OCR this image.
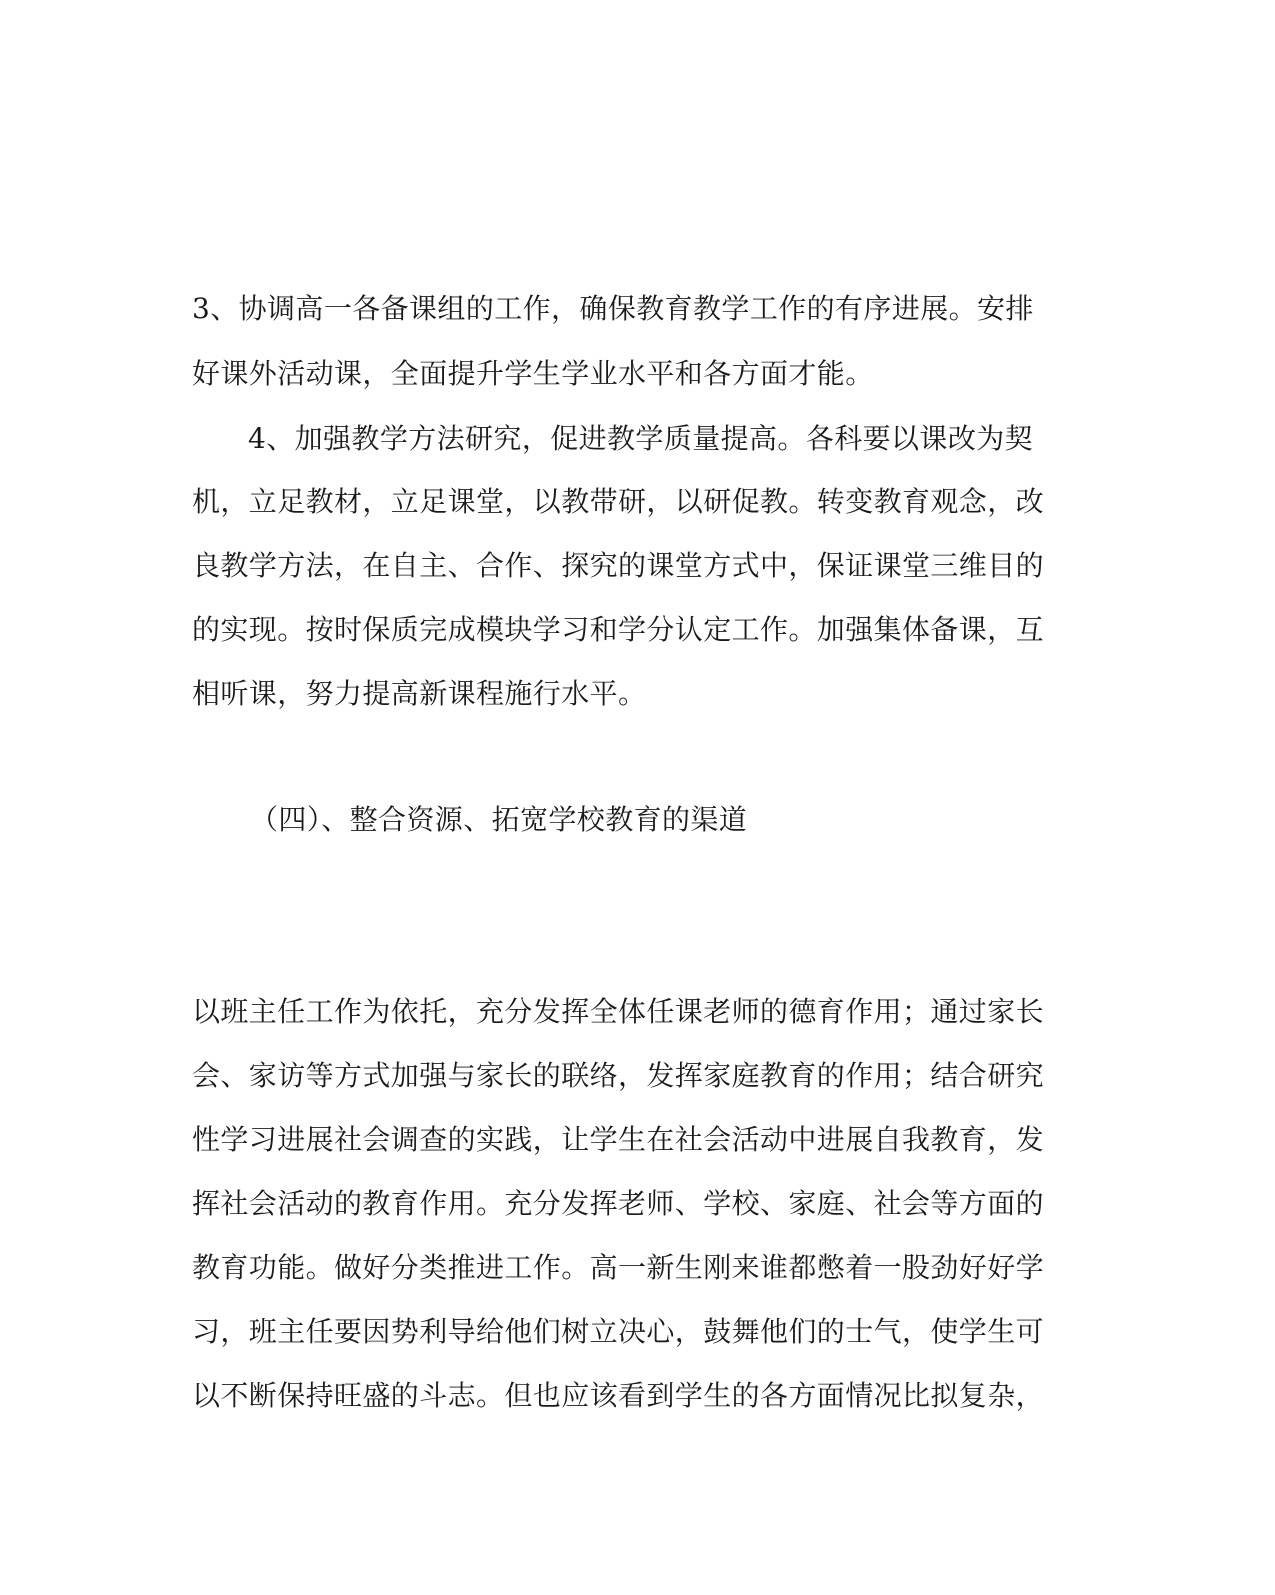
3、协调高一各备课组的工作，确保教育教学工作的有序进展。安排
好课外活动课，全面提升学生学业水平和各方面才能。
4、加强教学方法研究，促进教学质量提高。各科要以课改为契
机，立足教材，立足课堂，以教带研，以研促教。转变教育观念，改
良教学方法，在自主、合作、探究的课堂方式中，保证课堂三维目的
的实现。按时保质完成模块学习和学分认定工作。加强集体备课，互
相听课，努力提高新课程施行水平。
（四）、整合资源、拓宽学校教育的渠道
以班主任工作为依托，充分发挥全体任课老师的德育作用；通过家长
会、家访等方式加强与家长的联络，发挥家庭教育的作用；结合研究
性学习进展社会调查的实践，让学生在社会活动中进展自我教育，发
挥社会活动的教育作用。充分发挥老师、学校、家庭、社会等方面的
教育功能。做好分类推进工作。高一新生刚来谁都憋着一股劲好好学
习，班主任要因势利导给他们树立决心，鼓舞他们的士气，使学生可
以不断保持旺盛的斗志。但也应该看到学生的各方面情况比拟复杂，
